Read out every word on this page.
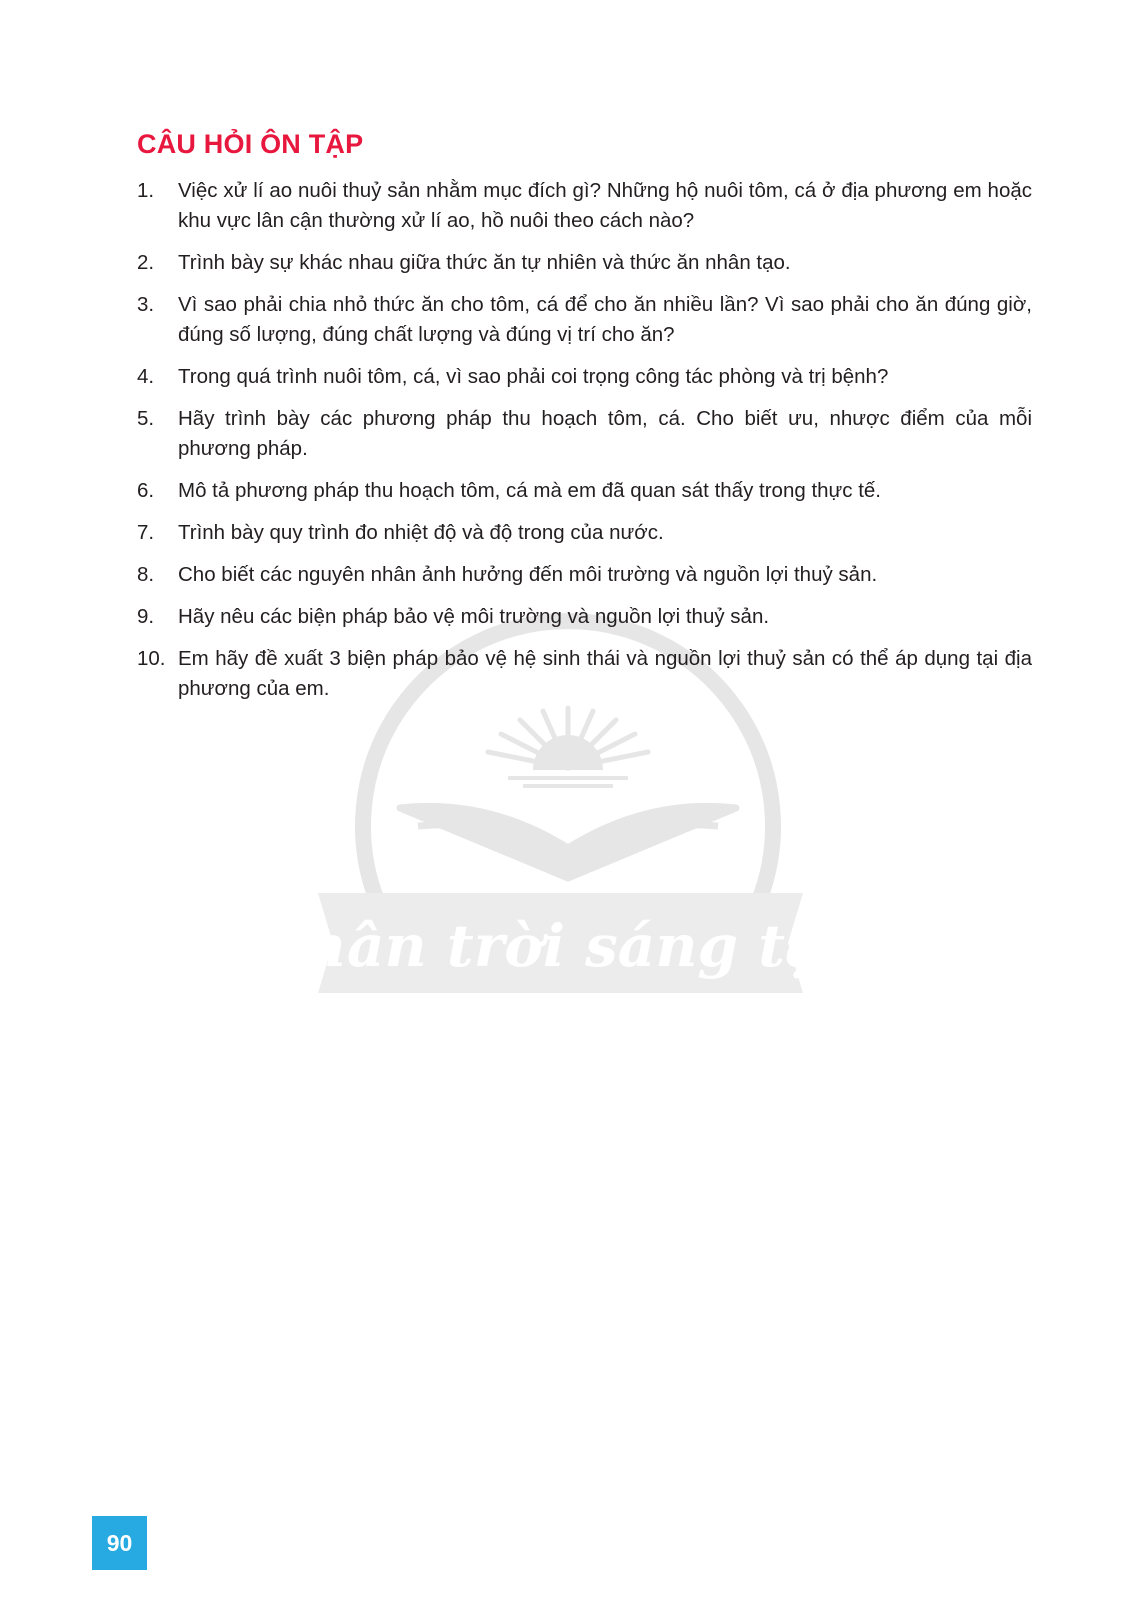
Chân trời sáng tạo
CÂU HỎI ÔN TẬP
1.	Việc xử lí ao nuôi thuỷ sản nhằm mục đích gì? Những hộ nuôi tôm, cá ở địa phương em hoặc khu vực lân cận thường xử lí ao, hồ nuôi theo cách nào?
2.	Trình bày sự khác nhau giữa thức ăn tự nhiên và thức ăn nhân tạo.
3.	Vì sao phải chia nhỏ thức ăn cho tôm, cá để cho ăn nhiều lần? Vì sao phải cho ăn đúng giờ, đúng số lượng, đúng chất lượng và đúng vị trí cho ăn?
4.	Trong quá trình nuôi tôm, cá, vì sao phải coi trọng công tác phòng và trị bệnh?
5.	Hãy trình bày các phương pháp thu hoạch tôm, cá. Cho biết ưu, nhược điểm của mỗi phương pháp.
6.	Mô tả phương pháp thu hoạch tôm, cá mà em đã quan sát thấy trong thực tế.
7.	Trình bày quy trình đo nhiệt độ và độ trong của nước.
8.	Cho biết các nguyên nhân ảnh hưởng đến môi trường và nguồn lợi thuỷ sản.
9.	Hãy nêu các biện pháp bảo vệ môi trường và nguồn lợi thuỷ sản.
10. Em hãy đề xuất 3 biện pháp bảo vệ hệ sinh thái và nguồn lợi thuỷ sản có thể áp dụng tại địa phương của em.
90
